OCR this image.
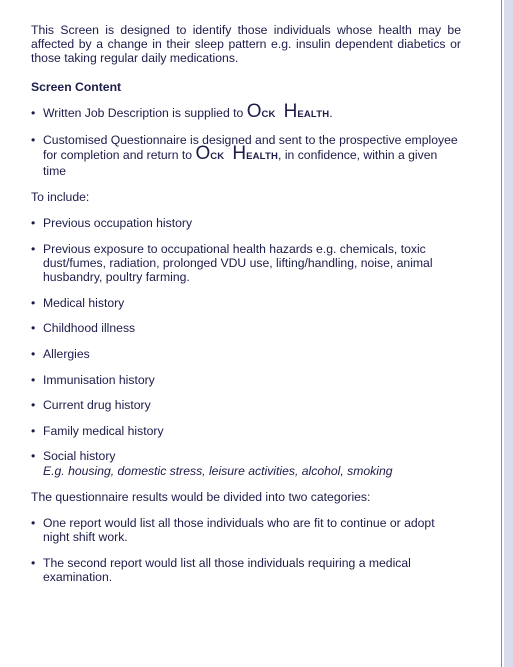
This Screen is designed to identify those individuals whose health may be affected by a change in their sleep pattern e.g. insulin dependent diabetics or those taking regular daily medications.

Screen Content

• Written Job Description is supplied to OCK HEALTH.
• Customised Questionnaire is designed and sent to the prospective employee for completion and return to OCK HEALTH, in confidence, within a given time

To include:

• Previous occupation history
• Previous exposure to occupational health hazards e.g. chemicals, toxic dust/fumes, radiation, prolonged VDU use, lifting/handling, noise, animal husbandry, poultry farming.
• Medical history
• Childhood illness
• Allergies
• Immunisation history
• Current drug history
• Family medical history
• Social history
E.g. housing, domestic stress, leisure activities, alcohol, smoking

The questionnaire results would be divided into two categories:

• One report would list all those individuals who are fit to continue or adopt night shift work.
• The second report would list all those individuals requiring a medical examination.
